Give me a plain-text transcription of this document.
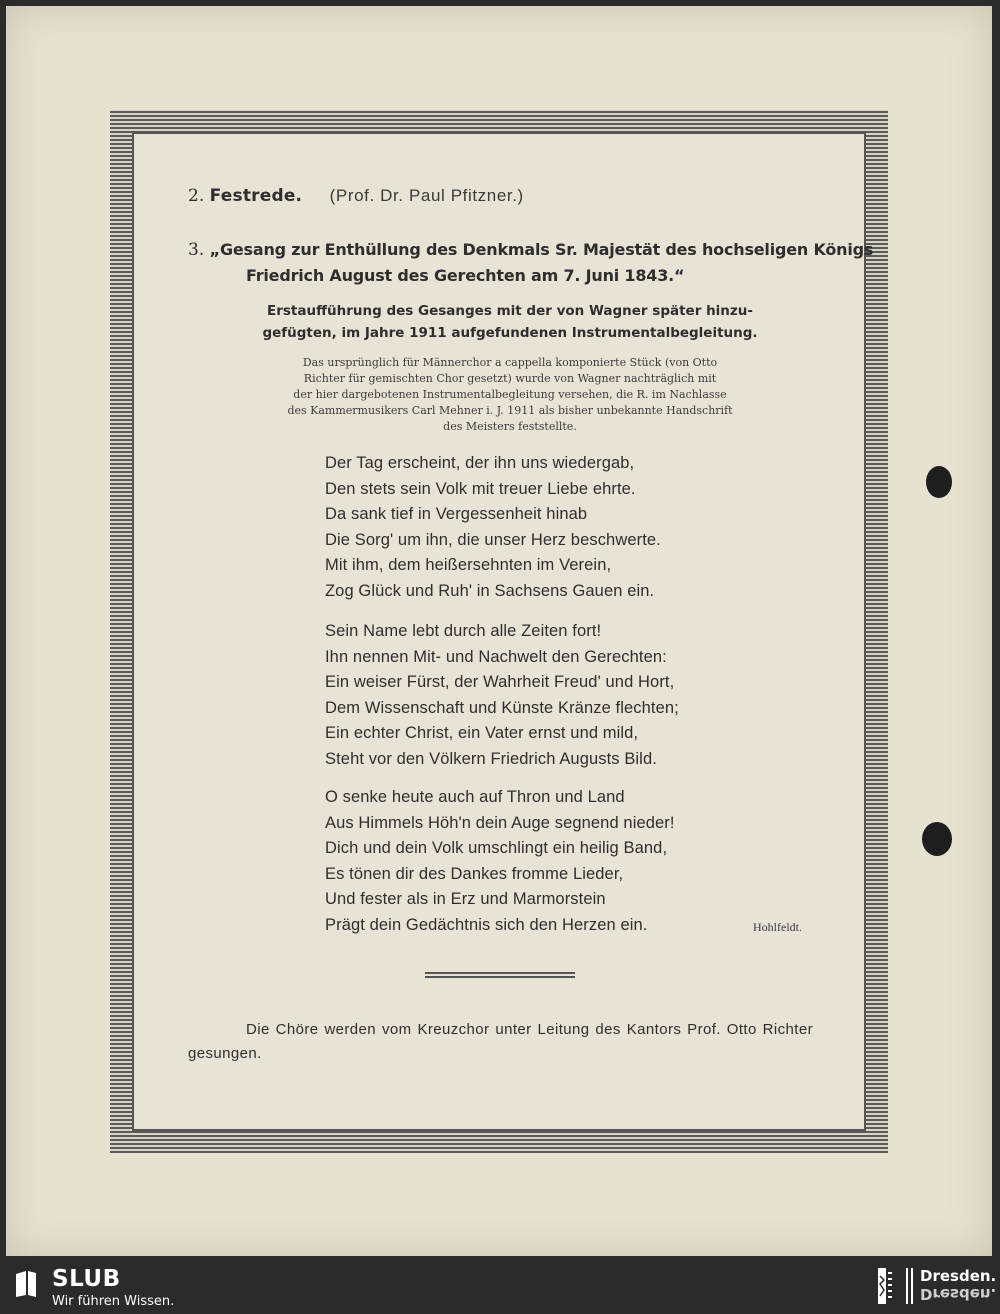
2. Festrede. (Prof. Dr. Paul Pfitzner.)
3. „Gesang zur Enthüllung des Denkmals Sr. Majestät des hochseligen Königs
Friedrich August des Gerechten am 7. Juni 1843.“
Erstaufführung des Gesanges mit der von Wagner später hinzu-
gefügten, im Jahre 1911 aufgefundenen Instrumentalbegleitung.
Das ursprünglich für Männerchor a cappella komponierte Stück (von Otto
Richter für gemischten Chor gesetzt) wurde von Wagner nachträglich mit
der hier dargebotenen Instrumentalbegleitung versehen, die R. im Nachlasse
des Kammermusikers Carl Mehner i. J. 1911 als bisher unbekannte Handschrift
des Meisters feststellte.
Der Tag erscheint, der ihn uns wiedergab,
Den stets sein Volk mit treuer Liebe ehrte.
Da sank tief in Vergessenheit hinab
Die Sorg' um ihn, die unser Herz beschwerte.
Mit ihm, dem heißersehnten im Verein,
Zog Glück und Ruh' in Sachsens Gauen ein.
Sein Name lebt durch alle Zeiten fort!
Ihn nennen Mit- und Nachwelt den Gerechten:
Ein weiser Fürst, der Wahrheit Freud' und Hort,
Dem Wissenschaft und Künste Kränze flechten;
Ein echter Christ, ein Vater ernst und mild,
Steht vor den Völkern Friedrich Augusts Bild.
O senke heute auch auf Thron und Land
Aus Himmels Höh'n dein Auge segnend nieder!
Dich und dein Volk umschlingt ein heilig Band,
Es tönen dir des Dankes fromme Lieder,
Und fester als in Erz und Marmorstein
Prägt dein Gedächtnis sich den Herzen ein.	Hohlfeldt.
Die Chöre werden vom Kreuzchor unter Leitung des Kantors Prof. Otto Richter gesungen.
SLUB
Wir führen Wissen.
Dresden.
Dresden.
